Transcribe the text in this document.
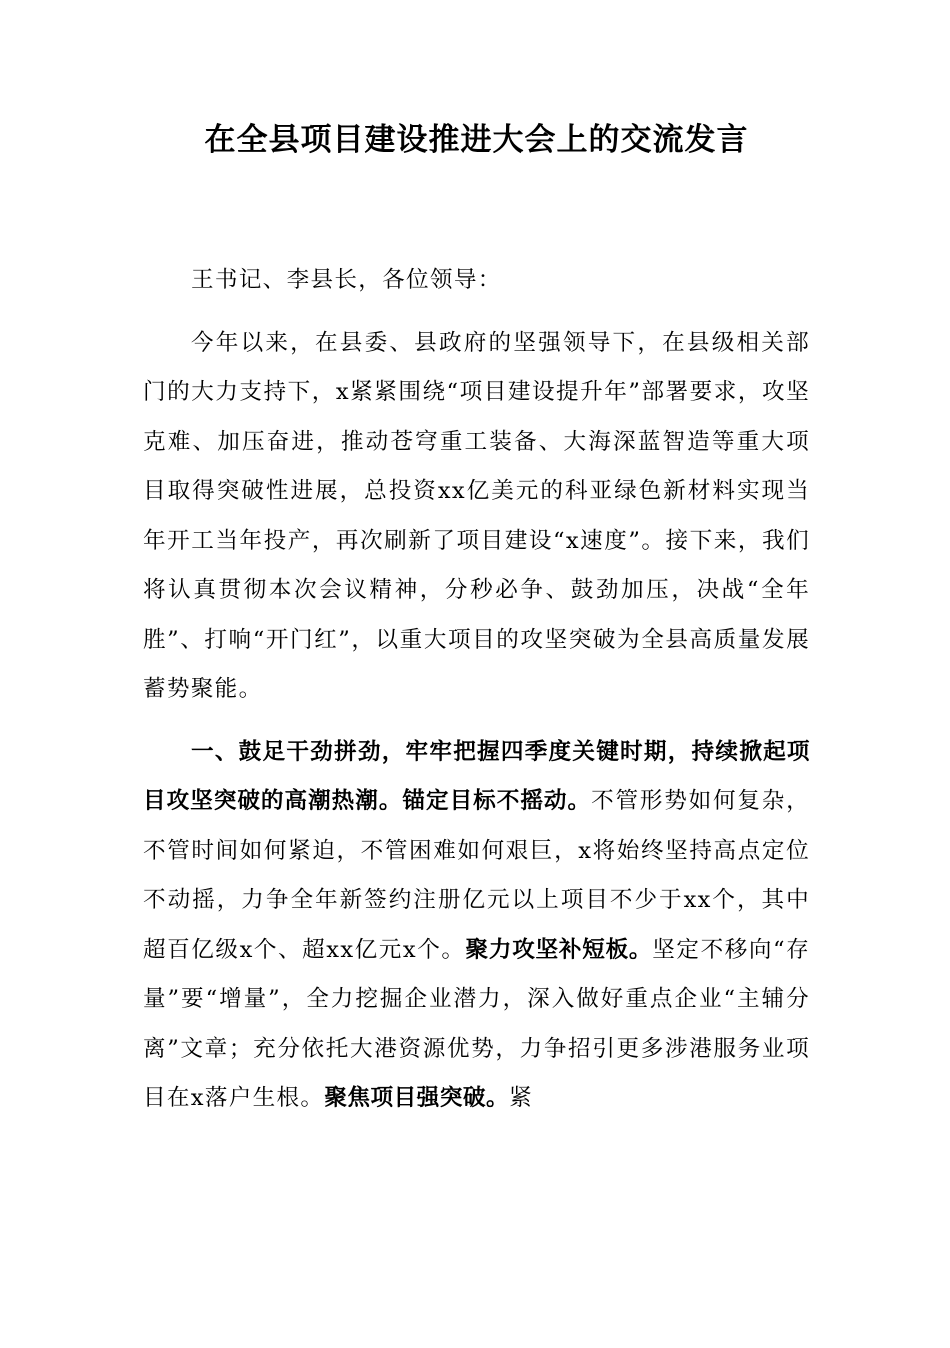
在全县项目建设推进大会上的交流发言

王书记、李县长，各位领导：

今年以来，在县委、县政府的坚强领导下，在县级相关部门的大力支持下，x紧紧围绕“项目建设提升年”部署要求，攻坚克难、加压奋进，推动苍穹重工装备、大海深蓝智造等重大项目取得突破性进展，总投资xx亿美元的科亚绿色新材料实现当年开工当年投产，再次刷新了项目建设“x速度”。接下来，我们将认真贯彻本次会议精神，分秒必争、鼓劲加压，决战“全年胜”、打响“开门红”，以重大项目的攻坚突破为全县高质量发展蓄势聚能。

一、鼓足干劲拼劲，牢牢把握四季度关键时期，持续掀起项目攻坚突破的高潮热潮。锚定目标不摇动。不管形势如何复杂，不管时间如何紧迫，不管困难如何艰巨，x将始终坚持高点定位不动摇，力争全年新签约注册亿元以上项目不少于xx个，其中超百亿级x个、超xx亿元x个。聚力攻坚补短板。坚定不移向“存量”要“增量”，全力挖掘企业潜力，深入做好重点企业“主辅分离”文章；充分依托大港资源优势，力争招引更多涉港服务业项目在x落户生根。聚焦项目强突破。紧
